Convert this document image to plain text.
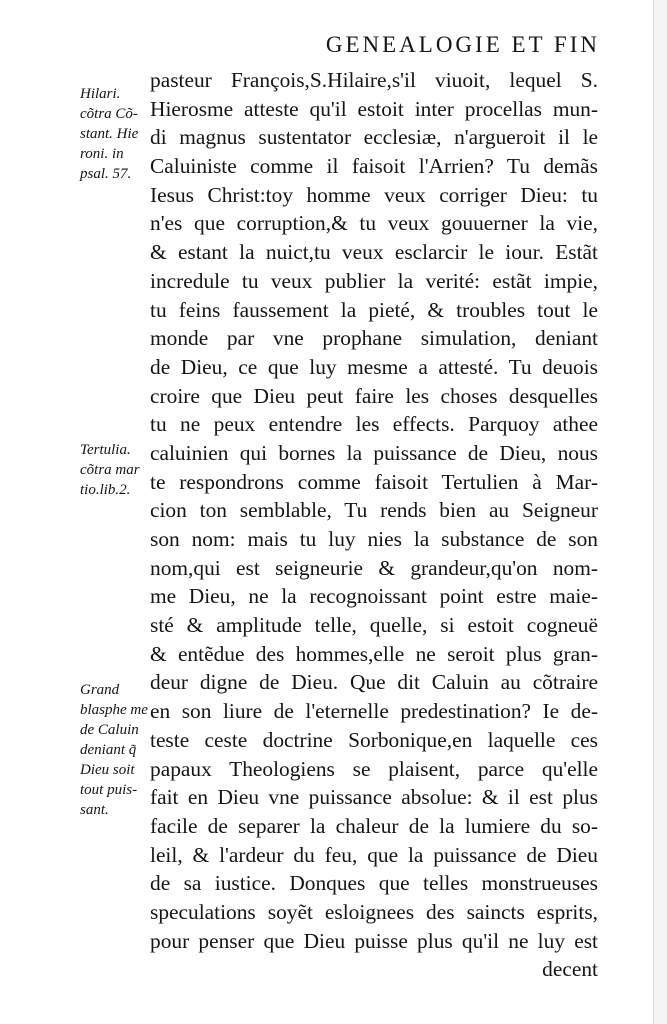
GENEALOGIE ET FIN
pasteur François,S.Hilaire,s'il viuoit, lequel S.
Hierosme atteste qu'il estoit inter procellas mun-
di magnus sustentator ecclesiæ, n'argueroit il le
Caluiniste comme il faisoit l'Arrien? Tu demãs
Iesus Christ:toy homme veux corriger Dieu: tu
n'es que corruption,& tu veux gouuerner la vie,
& estant la nuict,tu veux esclarcir le iour. Estãt
incredule tu veux publier la verité: estãt impie,
tu feins faussement la pieté, & troubles tout le
monde par vne prophane simulation, deniant
de Dieu, ce que luy mesme a attesté. Tu deuois
croire que Dieu peut faire les choses desquelles
tu ne peux entendre les effects. Parquoy athee
caluinien qui bornes la puissance de Dieu, nous
te respondrons comme faisoit Tertulien à Mar-
cion ton semblable, Tu rends bien au Seigneur
son nom: mais tu luy nies la substance de son
nom,qui est seigneurie & grandeur,qu'on nom-
me Dieu, ne la recognoissant point estre maie-
sté & amplitude telle, quelle, si estoit cogneuë
& entẽdue des hommes,elle ne seroit plus gran-
deur digne de Dieu. Que dit Caluin au cõtraire
en son liure de l'eternelle predestination? Ie de-
teste ceste doctrine Sorbonique,en laquelle ces
papaux Theologiens se plaisent, parce qu'elle
fait en Dieu vne puissance absolue: & il est plus
facile de separer la chaleur de la lumiere du so-
leil, & l'ardeur du feu, que la puissance de Dieu
de sa iustice. Donques que telles monstrueuses
speculations soyẽt esloignees des saincts esprits,
pour penser que Dieu puisse plus qu'il ne luy est
decent
Hilari.
cõtra Cõ-
stant. Hie
roni. in
psal. 57.
Tertulia.
cõtra mar
tio.lib.2.
Grand
blasphe me
de Caluin
deniant q̃
Dieu soit
tout puis-
sant.
